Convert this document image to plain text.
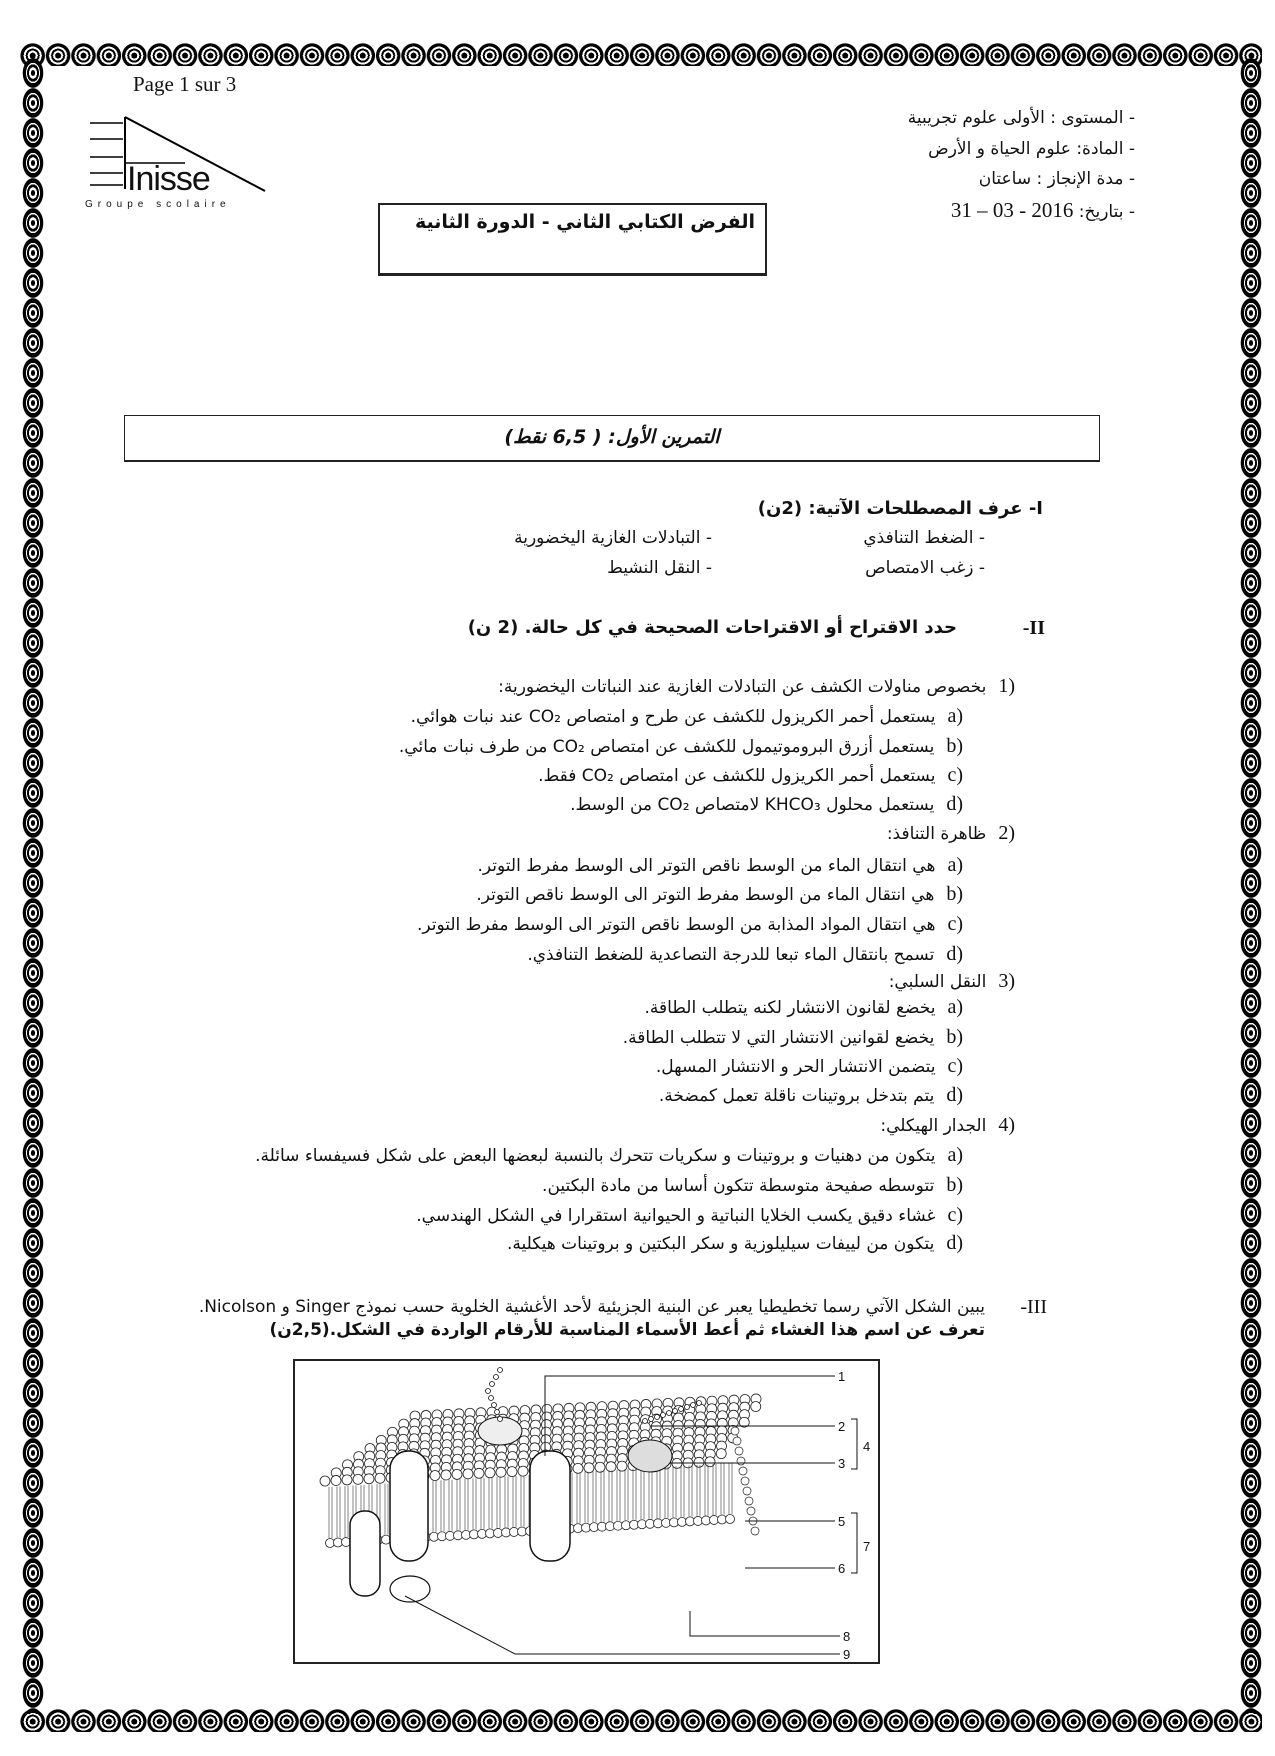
Page 1 sur 3
Inisse
Groupe scolaire
- المستوى : الأولى علوم تجريبية
- المادة: علوم الحياة و الأرض
- مدة الإنجاز : ساعتان
- بتاريخ: 31 – 03 - 2016
الفرض الكتابي الثاني - الدورة الثانية
التمرين الأول: ( 6,5 نقط)
I- عرف المصطلحات الآتية: (2ن)
- الضغط التنافذي
- التبادلات الغازية اليخضورية
- زغب الامتصاص
- النقل النشيط
-II
حدد الاقتراح أو الاقتراحات الصحيحة في كل حالة. (2 ن)
1)بخصوص مناولات الكشف عن التبادلات الغازية عند النباتات اليخضورية:
a)يستعمل أحمر الكريزول للكشف عن طرح و امتصاص CO₂ عند نبات هوائي.
b)يستعمل أزرق البروموتيمول للكشف عن امتصاص CO₂ من طرف نبات مائي.
c)يستعمل أحمر الكريزول للكشف عن امتصاص CO₂ فقط.
d)يستعمل محلول KHCO₃ لامتصاص CO₂ من الوسط.
2)ظاهرة التنافذ:
a)هي انتقال الماء من الوسط ناقص التوتر الى الوسط مفرط التوتر.
b)هي انتقال الماء من الوسط مفرط التوتر الى الوسط ناقص التوتر.
c)هي انتقال المواد المذابة من الوسط ناقص التوتر الى الوسط مفرط التوتر.
d)تسمح بانتقال الماء تبعا للدرجة التصاعدية للضغط التنافذي.
3)النقل السلبي:
a)يخضع لقانون الانتشار لكنه يتطلب الطاقة.
b)يخضع لقوانين الانتشار التي لا تتطلب الطاقة.
c)يتضمن الانتشار الحر و الانتشار المسهل.
d)يتم بتدخل بروتينات ناقلة تعمل كمضخة.
4)الجدار الهيكلي:
a)يتكون من دهنيات و بروتينات و سكريات تتحرك بالنسبة لبعضها البعض على شكل فسيفساء سائلة.
b)تتوسطه صفيحة متوسطة تتكون أساسا من مادة البكتين.
c)غشاء دقيق يكسب الخلايا النباتية و الحيوانية استقرارا في الشكل الهندسي.
d)يتكون من لييفات سيليلوزية و سكر البكتين و بروتينات هيكلية.
-III
يبين الشكل الآتي رسما تخطيطيا يعبر عن البنية الجزيئية لأحد الأغشية الخلوية حسب نموذج Singer و Nicolson.
تعرف عن اسم هذا الغشاء ثم أعط الأسماء المناسبة للأرقام الواردة في الشكل.(2,5ن)
1
2
3
4
5
6
7
8
9
